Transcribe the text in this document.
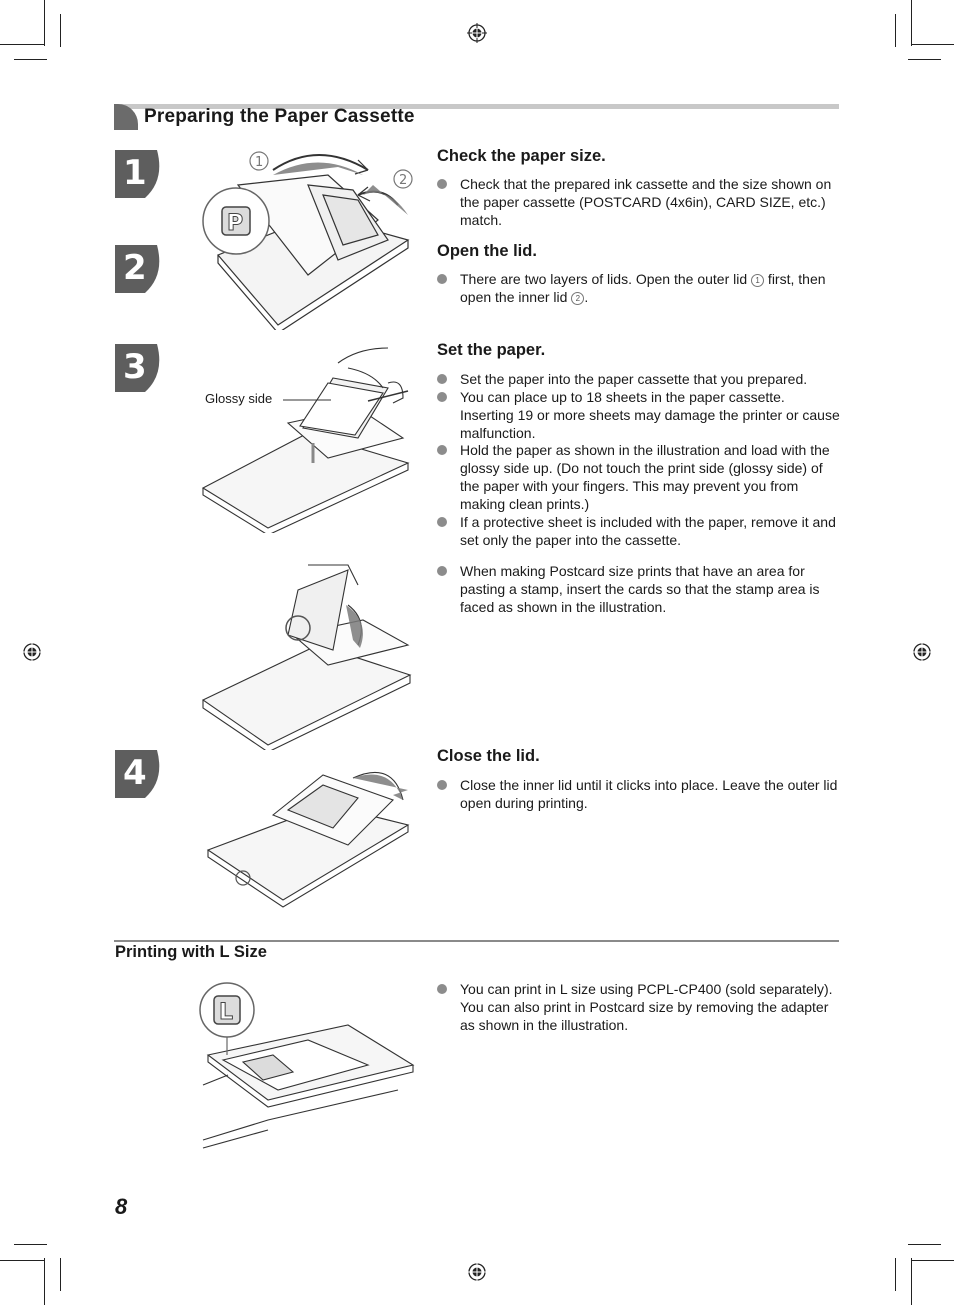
Preparing the Paper Cassette
1
2
3
4
P
1
2
Glossy side
L
Check the paper size.
Check that the prepared ink cassette and the size shown on the paper cassette (POSTCARD (4x6in), CARD SIZE, etc.) match.
Open the lid.
There are two layers of lids. Open the outer lid 1 first, then open the inner lid 2 .
Set the paper.
Set the paper into the paper cassette that you prepared.
You can place up to 18 sheets in the paper cassette. Inserting 19 or more sheets may damage the printer or cause malfunction.
Hold the paper as shown in the illustration and load with the glossy side up. (Do not touch the print side (glossy side) of the paper with your fingers. This may prevent you from making clean prints.)
If a protective sheet is included with the paper, remove it and set only the paper into the cassette.
When making Postcard size prints that have an area for pasting a stamp, insert the cards so that the stamp area is faced as shown in the illustration.
Close the lid.
Close the inner lid until it clicks into place. Leave the outer lid open during printing.
Printing with L Size
You can print in L size using PCPL-CP400 (sold separately). You can also print in Postcard size by removing the adapter as shown in the illustration.
8
